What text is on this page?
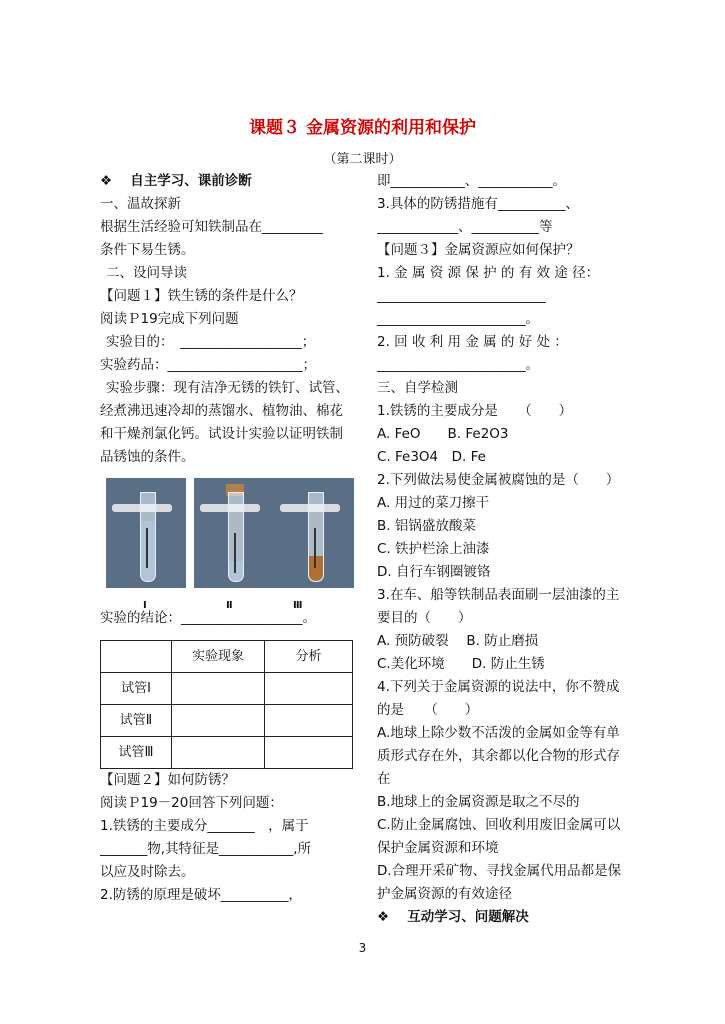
课题３ 金属资源的利用和保护
（第二课时）
❖　 自主学习、课前诊断
一、温故探新
根据生活经验可知铁制品在_________
条件下易生锈。
二、设问导读
【问题１】铁生锈的条件是什么？
阅读Ｐ19完成下列问题
实验目的：　__________________；
实验药品：____________________；
实验步骤：现有洁净无锈的铁钉、试管、经煮沸迅速冷却的蒸馏水、植物油、棉花和干燥剂氯化钙。试设计实验以证明铁制品锈蚀的条件。
Ⅰ	Ⅱ	Ⅲ
实验的结论：__________________。
	实验现象	分析
试管Ⅰ		
试管Ⅱ		
试管Ⅲ		
【问题２】如何防锈？
阅读Ｐ19－20回答下列问题：
1.铁锈的主要成分_______　，属于
_______物,其特征是___________,所
以应及时除去。
2.防锈的原理是破坏__________，
即___________、___________。
3.具体的防锈措施有__________、
____________、__________等
【问题３】金属资源应如何保护？
1. 金 属 资 源 保 护 的 有 效 途 径：_________________________ ______________________。
2. 回 收 利 用 金 属 的 好 处 ： ______________________。
三、自学检测
1.铁锈的主要成分是　　（　　）
A. FeO　　B. Fe2O3
C. Fe3O4　D. Fe
2.下列做法易使金属被腐蚀的是（　　）
A. 用过的菜刀擦干
B. 铝锅盛放酸菜
C. 铁护栏涂上油漆
D. 自行车钢圈镀铬
3.在车、船等铁制品表面刷一层油漆的主要目的（　　）
A. 预防破裂　 B. 防止磨损
C.美化环境　　D. 防止生锈
4.下列关于金属资源的说法中，你不赞成的是　　（　　）
A.地球上除少数不活泼的金属如金等有单质形式存在外，其余都以化合物的形式存在
B.地球上的金属资源是取之不尽的
C.防止金属腐蚀、回收利用废旧金属可以保护金属资源和环境
D.合理开采矿物、寻找金属代用品都是保护金属资源的有效途径
❖　 互动学习、问题解决
3
